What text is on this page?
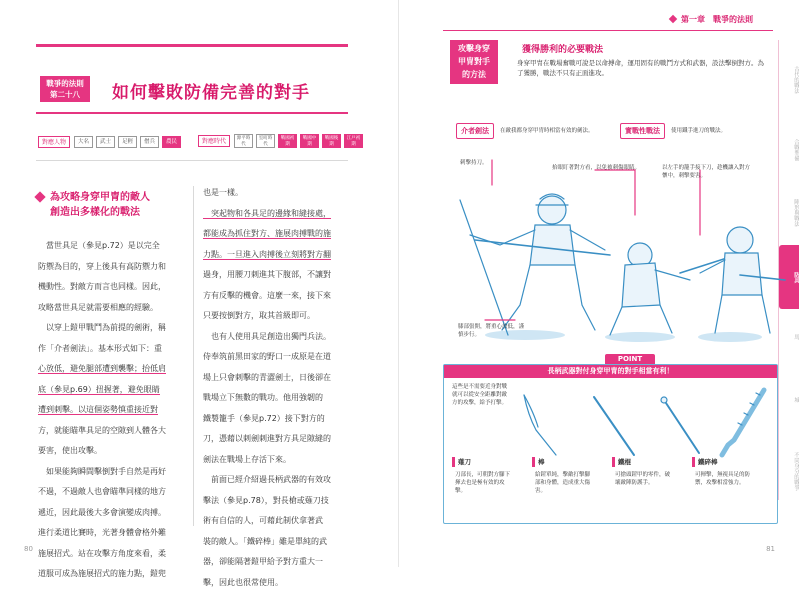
戰爭的法則
第二十八	如何擊敗防備完善的對手
對應人物	大名	武士	足輕	僧兵	農民	對應時代	源平時代
室町時代
戰國初期
戰國中期
戰國後期
江戶初期
為攻略身穿甲冑的敵人
創造出多樣化的戰法
　當世具足（參見p.72）是以完全
防禦為目的，穿上後具有高防禦力和
機動性。對敵方而言也同樣。因此，
攻略當世具足就需要相應的經驗。
　以穿上鎧甲戰鬥為前提的劍術，稱
作「介者劍法」。基本形式如下：重
心放低，避免腿部遭到襲擊；抬低肩
底（參見p.69）扭握著，避免眼睛
遭到刺擊。以這個姿勢慎重接近對
方，就能瞄準具足的空隙到人體各大
要害，使出攻擊。
　如果能夠瞬間擊倒對手自然是再好
不過，不過敵人也會瞄準同樣的地方
遞近，因此最後大多會演變成肉搏。
進行柔道比賽時，光著身體會格外難
施展招式。站在攻擊方角度來看，柔
道服可成為施展招式的施力點，鎧兜
也是一樣。
　突起物和各具足的邊緣和縫接處，
都能成為抓住對方、施展肉搏戰的施
力點。一旦進入肉搏後立刻將對方翻
過身，用腰刀刺進其下腹部，不讓對
方有反擊的機會。這麼一來，接下來
只要按倒對方，取其首級即可。
　也有人使用具足創造出獨門兵法。
侍奉筑前黑田家的野口一成原是在道
場上只會刺擊的青澀劍士，日後卻在
戰場立下無數的戰功。他用強韌的
鐵製籠手（參見p.72）接下對方的
刀，憑藉以刺劍刺進對方具足隙縫的
劍法在戰場上存活下來。
　前面已經介紹過長柄武器的有效攻
擊法（參見p.78），對長槍或薙刀技
術有自信的人，可藉此制伏拿著武
裝的敵人。「鐵碎棒」雖是單純的武
器，卻能隔著鎧甲給予對方重大一
擊，因此也很常使用。
80
第一章　戰爭的法則
古代的戰法
合戰準備
陣形與戰法
防具
馬
城
不同身分的戰爭
攻擊身穿
甲冑對手
的方法
獲得勝利的必要戰法
身穿甲冑在戰場奮戰可說是以命搏命，運用固有的戰鬥方式和武器，設法擊倒對方。為了獲勝，戰法不只有正面進攻。
介者劍法	在敵我都身穿甲冑時相當有效的劍法。	實戰性戰法	使用鐵手進刀的戰法。
刺擊持刀。
抬眼盯著對方看，以免被刺傷眼睛。	以左手的籠手接下刀，趁機讓入對方懷中，刺擊要害。
膝部張開，將重心放低，謹慎步行。
POINT
長柄武器對付身穿甲冑的對手相當有利！
這些是不需要近身對戰就可以從安全距離對敵方的攻擊，給予打擊。
薙刀
刀部長，可朝對方腳下揮去也是極有效的攻擊。
棒
給鎧單純，擊敵打擊腳部和身體，造成重大傷害。
鐵棍
可搶頭鎧甲的零件，破壞敵陣防護手。
鐵碎棒
可揮擊，無視具足的防禦，攻擊相當強力。
81
